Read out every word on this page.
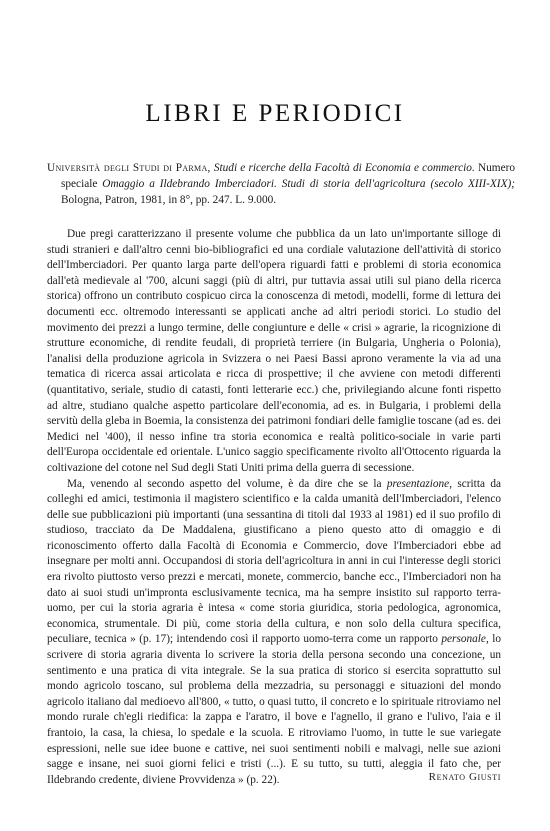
LIBRI E PERIODICI

Università degli Studi di Parma, Studi e ricerche della Facoltà di Economia e commercio. Numero speciale Omaggio a Ildebrando Imberciadori. Studi di storia dell'agricoltura (secolo XIII-XIX); Bologna, Patron, 1981, in 8°, pp. 247. L. 9.000.

Due pregi caratterizzano il presente volume che pubblica da un lato un'importante silloge di studi stranieri e dall'altro cenni bio-bibliografici ed una cordiale valutazione dell'attività di storico dell'Imberciadori. Per quanto larga parte dell'opera riguardi fatti e problemi di storia economica dall'età medievale al '700, alcuni saggi (più di altri, pur tuttavia assai utili sul piano della ricerca storica) offrono un contributo cospicuo circa la conoscenza di metodi, modelli, forme di lettura dei documenti ecc. oltremodo interessanti se applicati anche ad altri periodi storici. Lo studio del movimento dei prezzi a lungo termine, delle congiunture e delle « crisi » agrarie, la ricognizione di strutture economiche, di rendite feudali, di proprietà terriere (in Bulgaria, Ungheria o Polonia), l'analisi della produzione agricola in Svizzera o nei Paesi Bassi aprono veramente la via ad una tematica di ricerca assai articolata e ricca di prospettive; il che avviene con metodi differenti (quantitativo, seriale, studio di catasti, fonti letterarie ecc.) che, privilegiando alcune fonti rispetto ad altre, studiano qualche aspetto particolare dell'economia, ad es. in Bulgaria, i problemi della servitù della gleba in Boemia, la consistenza dei patrimoni fondiari delle famiglie toscane (ad es. dei Medici nel '400), il nesso infine tra storia economica e realtà politico-sociale in varie parti dell'Europa occidentale ed orientale. L'unico saggio specificamente rivolto all'Ottocento riguarda la coltivazione del cotone nel Sud degli Stati Uniti prima della guerra di secessione.

Ma, venendo al secondo aspetto del volume, è da dire che se la presentazione, scritta da colleghi ed amici, testimonia il magistero scientifico e la calda umanità dell'Imberciadori, l'elenco delle sue pubblicazioni più importanti (una sessantina di titoli dal 1933 al 1981) ed il suo profilo di studioso, tracciato da De Maddalena, giustificano a pieno questo atto di omaggio e di riconoscimento offerto dalla Facoltà di Economia e Commercio, dove l'Imberciadori ebbe ad insegnare per molti anni. Occupandosi di storia dell'agricoltura in anni in cui l'interesse degli storici era rivolto piuttosto verso prezzi e mercati, monete, commercio, banche ecc., l'Imberciadori non ha dato ai suoi studi un'impronta esclusivamente tecnica, ma ha sempre insistito sul rapporto terra-uomo, per cui la storia agraria è intesa « come storia giuridica, storia pedologica, agronomica, economica, strumentale. Di più, come storia della cultura, e non solo della cultura specifica, peculiare, tecnica » (p. 17); intendendo così il rapporto uomo-terra come un rapporto personale, lo scrivere di storia agraria diventa lo scrivere la storia della persona secondo una concezione, un sentimento e una pratica di vita integrale. Se la sua pratica di storico si esercita soprattutto sul mondo agricolo toscano, sul problema della mezzadria, su personaggi e situazioni del mondo agricolo italiano dal medioevo all'800, « tutto, o quasi tutto, il concreto e lo spirituale ritroviamo nel mondo rurale ch'egli riedifica: la zappa e l'aratro, il bove e l'agnello, il grano e l'ulivo, l'aia e il frantoio, la casa, la chiesa, lo spedale e la scuola. E ritroviamo l'uomo, in tutte le sue variegate espressioni, nelle sue idee buone e cattive, nei suoi sentimenti nobili e malvagi, nelle sue azioni sagge e insane, nei suoi giorni felici e tristi (...). E su tutto, su tutti, aleggia il fato che, per Ildebrando credente, diviene Provvidenza » (p. 22).	Renato Giusti
